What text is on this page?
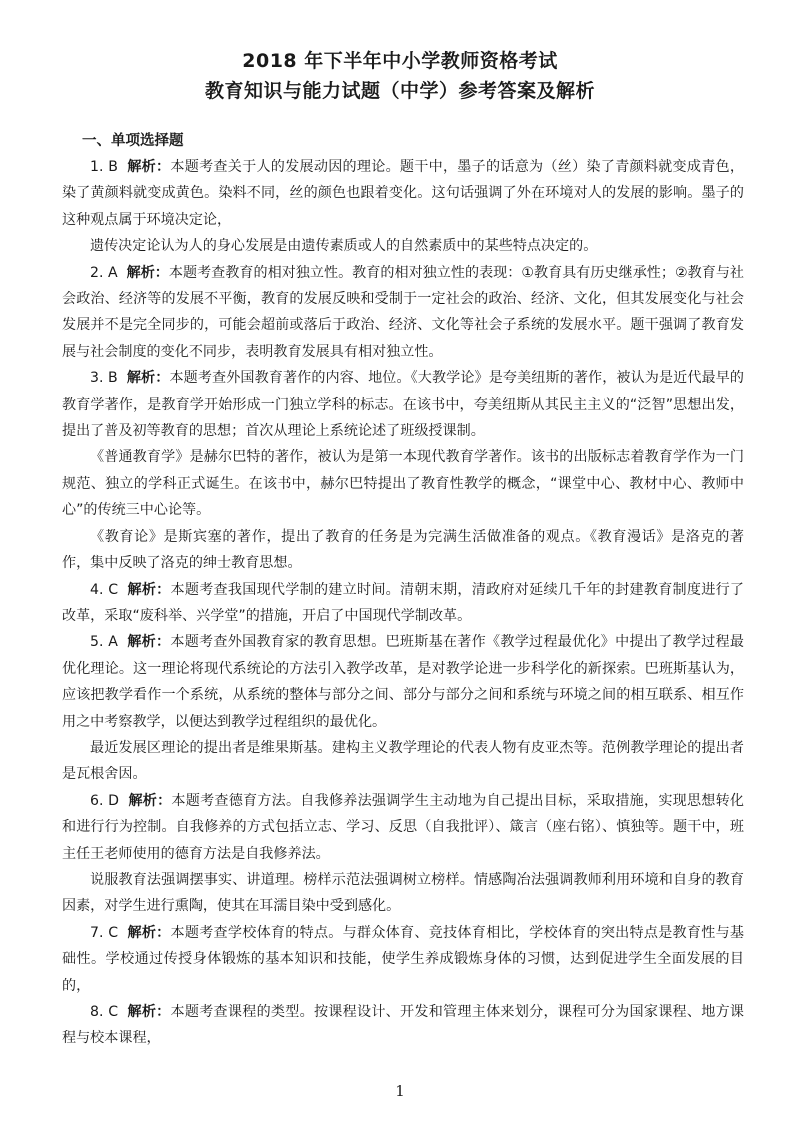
2018 年下半年中小学教师资格考试
教育知识与能力试题（中学）参考答案及解析
一、单项选择题

1. B 解析：本题考查关于人的发展动因的理论。题干中，墨子的话意为（丝）染了青颜料就变成青色，染了黄颜料就变成黄色。染料不同，丝的颜色也跟着变化。这句话强调了外在环境对人的发展的影响。墨子的这种观点属于环境决定论，

遗传决定论认为人的身心发展是由遗传素质或人的自然素质中的某些特点决定的。

2. A 解析：本题考查教育的相对独立性。教育的相对独立性的表现：①教育具有历史继承性；②教育与社会政治、经济等的发展不平衡，教育的发展反映和受制于一定社会的政治、经济、文化，但其发展变化与社会发展并不是完全同步的，可能会超前或落后于政治、经济、文化等社会子系统的发展水平。题干强调了教育发展与社会制度的变化不同步，表明教育发展具有相对独立性。

3. B 解析：本题考查外国教育著作的内容、地位。《大教学论》是夸美纽斯的著作，被认为是近代最早的教育学著作，是教育学开始形成一门独立学科的标志。在该书中，夸美纽斯从其民主主义的“泛智”思想出发，提出了普及初等教育的思想；首次从理论上系统论述了班级授课制。

《普通教育学》是赫尔巴特的著作，被认为是第一本现代教育学著作。该书的出版标志着教育学作为一门规范、独立的学科正式诞生。在该书中，赫尔巴特提出了教育性教学的概念，“课堂中心、教材中心、教师中心”的传统三中心论等。

《教育论》是斯宾塞的著作，提出了教育的任务是为完满生活做准备的观点。《教育漫话》是洛克的著作，集中反映了洛克的绅士教育思想。

4. C 解析：本题考查我国现代学制的建立时间。清朝末期，清政府对延续几千年的封建教育制度进行了改革，采取“废科举、兴学堂”的措施，开启了中国现代学制改革。

5. A 解析：本题考查外国教育家的教育思想。巴班斯基在著作《教学过程最优化》中提出了教学过程最优化理论。这一理论将现代系统论的方法引入教学改革，是对教学论进一步科学化的新探索。巴班斯基认为，应该把教学看作一个系统，从系统的整体与部分之间、部分与部分之间和系统与环境之间的相互联系、相互作用之中考察教学，以便达到教学过程组织的最优化。

最近发展区理论的提出者是维果斯基。建构主义教学理论的代表人物有皮亚杰等。范例教学理论的提出者是瓦根舍因。

6. D 解析：本题考查德育方法。自我修养法强调学生主动地为自己提出目标，采取措施，实现思想转化和进行行为控制。自我修养的方式包括立志、学习、反思（自我批评）、箴言（座右铭）、慎独等。题干中，班主任王老师使用的德育方法是自我修养法。

说服教育法强调摆事实、讲道理。榜样示范法强调树立榜样。情感陶冶法强调教师利用环境和自身的教育因素，对学生进行熏陶，使其在耳濡目染中受到感化。

7. C 解析：本题考查学校体育的特点。与群众体育、竞技体育相比，学校体育的突出特点是教育性与基础性。学校通过传授身体锻炼的基本知识和技能，使学生养成锻炼身体的习惯，达到促进学生全面发展的目的，

8. C 解析：本题考查课程的类型。按课程设计、开发和管理主体来划分，课程可分为国家课程、地方课程与校本课程，

1
